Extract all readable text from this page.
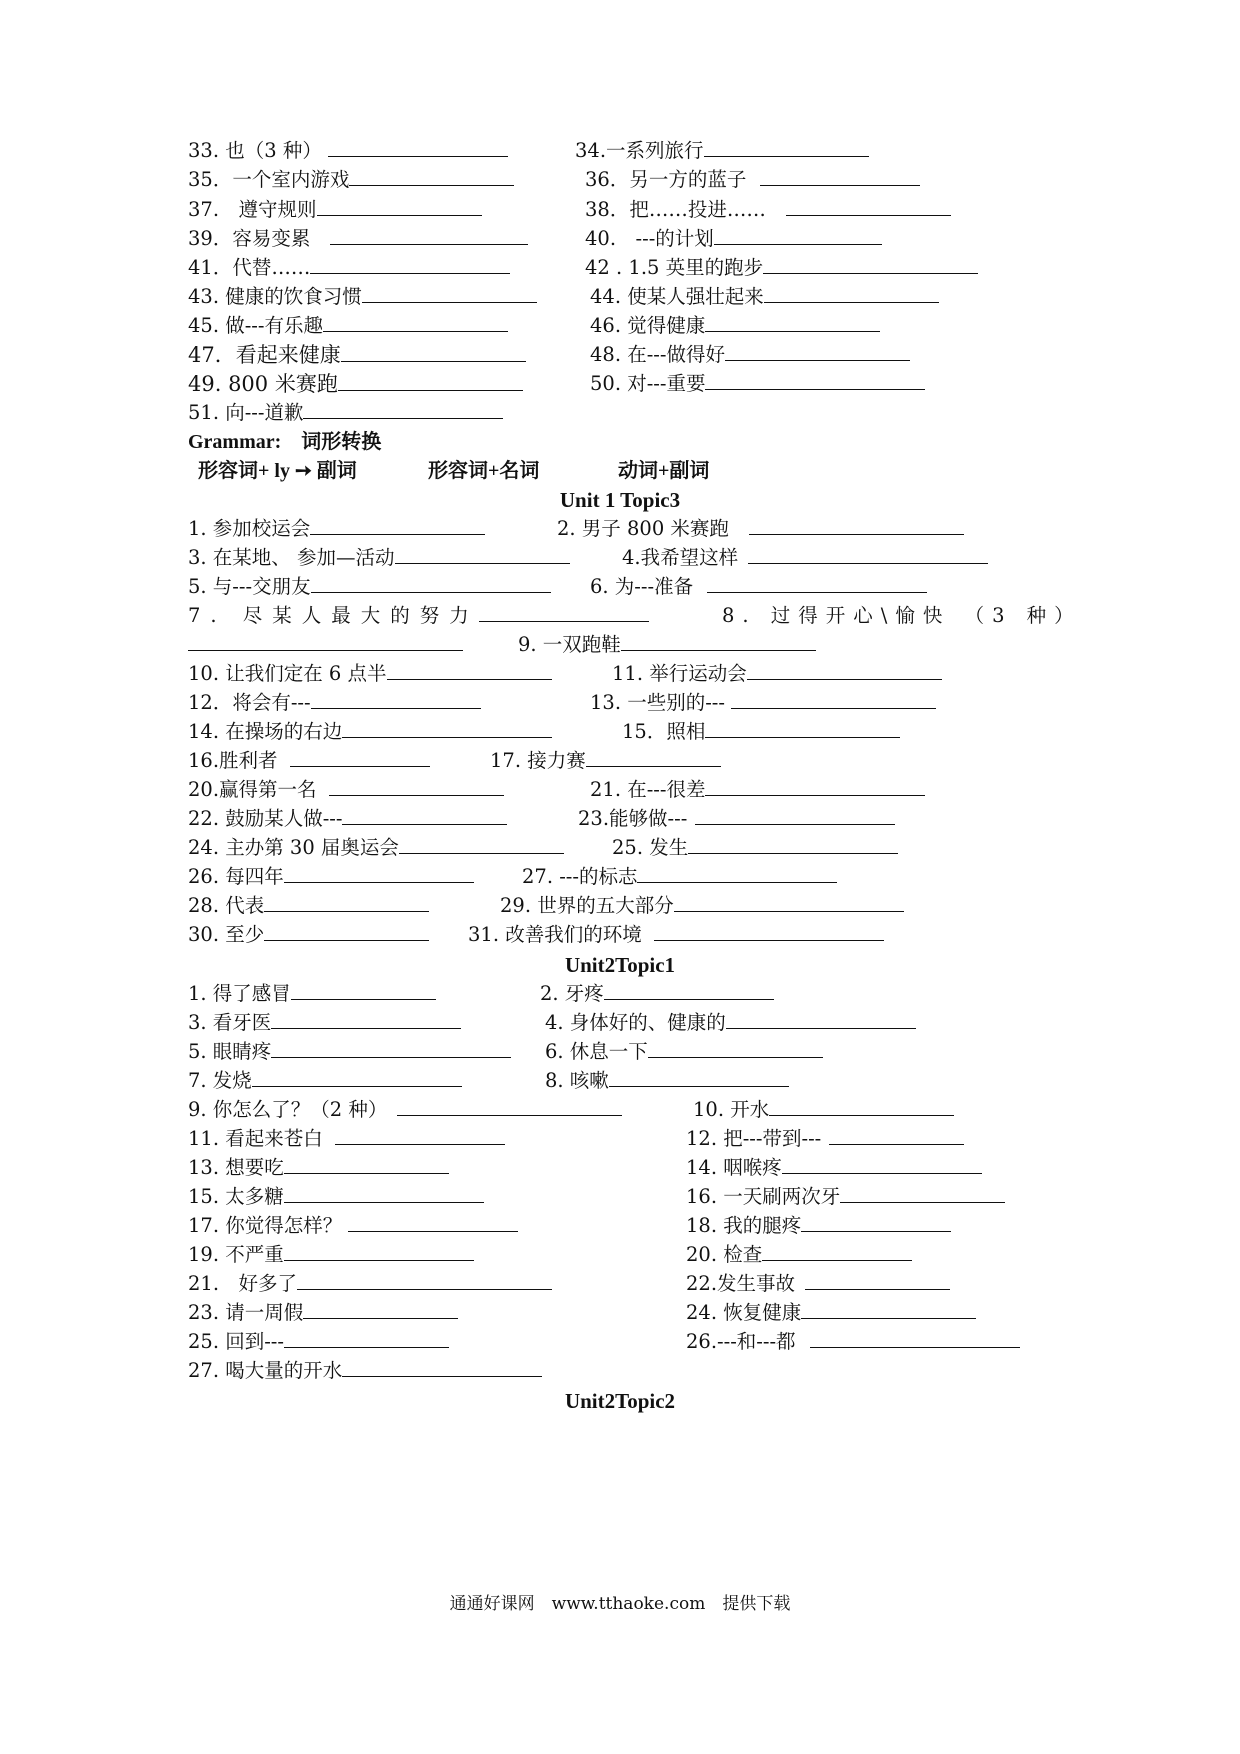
33. 也（3 种）	34.一系列旅行
35．一个室内游戏	36．另一方的蓝子
37.　遵守规则	38．把……投进……
39．容易变累	40.　---的计划
41．代替……	42 . 1.5 英里的跑步
43. 健康的饮食习惯	44. 使某人强壮起来
45. 做---有乐趣	46. 觉得健康
47．看起来健康	48. 在---做得好
49. 800 米赛跑	50. 对---重要
51. 向---道歉
Grammar:　词形转换
形容词+ ly ➙ 副词	形容词+名词	动词+副词
Unit 1 Topic3
1. 参加校运会	2. 男子 800 米赛跑
3. 在某地、 参加—活动	4.我希望这样
5. 与---交朋友	6. 为---准备
7. 尽某人最大的努力	8. 过得开心\愉快 （3 种）
9. 一双跑鞋
10. 让我们定在 6 点半	11. 举行运动会
12．将会有---	13. 一些别的---
14. 在操场的右边	15．照相
16.胜利者	17. 接力赛
20.赢得第一名	21. 在---很差
22. 鼓励某人做---	23.能够做---
24. 主办第 30 届奥运会	25. 发生
26. 每四年	27. ---的标志
28. 代表	29. 世界的五大部分
30. 至少	31. 改善我们的环境
Unit2Topic1
1. 得了感冒	2. 牙疼
3. 看牙医	4. 身体好的、健康的
5. 眼睛疼	6. 休息一下
7. 发烧	8. 咳嗽
9. 你怎么了？（2 种）	10. 开水
11. 看起来苍白	12. 把---带到---
13. 想要吃	14. 咽喉疼
15. 太多糖	16. 一天刷两次牙
17. 你觉得怎样？	18. 我的腿疼
19. 不严重	20. 检查
21.　好多了	22.发生事故
23. 请一周假	24. 恢复健康
25. 回到---	26.---和---都
27. 喝大量的开水
Unit2Topic2
通通好课网　www.tthaoke.com　提供下载
